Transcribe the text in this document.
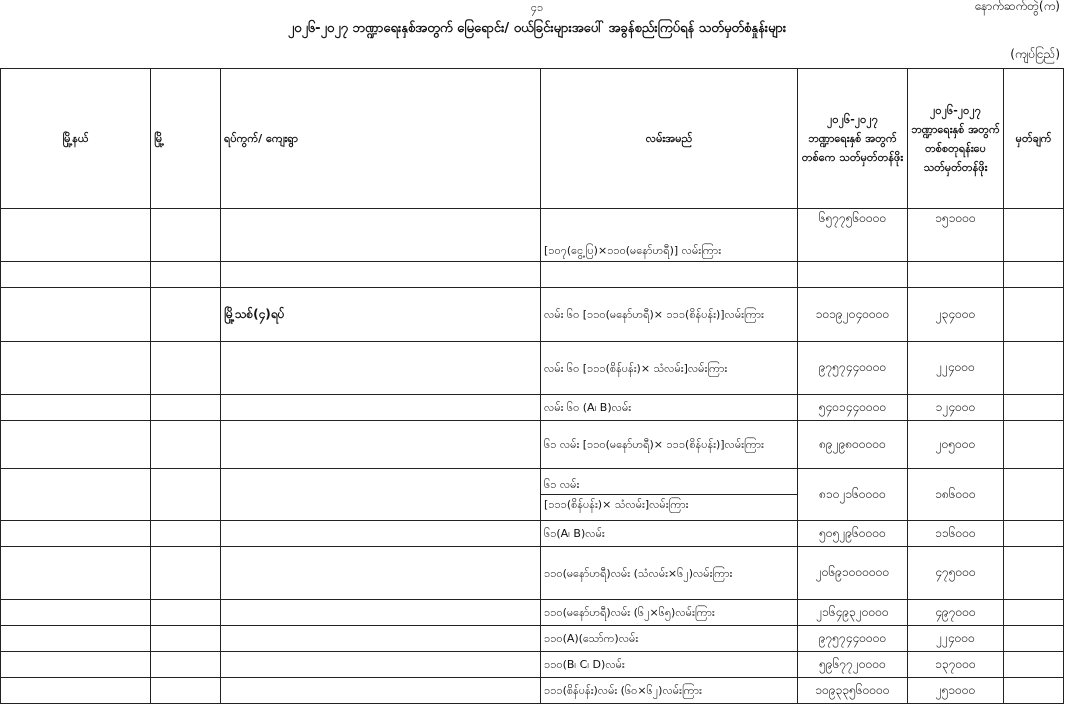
၄၁	နောက်ဆက်တွဲ(က)
၂၀၂၆-၂၀၂၇ ဘဏ္ဍာရေးနှစ်အတွက် မြေရောင်း/ ဝယ်ခြင်းများအပေါ် အခွန်စည်းကြပ်ရန် သတ်မှတ်စံနှုန်းများ
(ကျပ်ငြည်)
မြို့နယ်	မြို့	ရပ်ကွက်/ ကျေးရွာ	လမ်းအမည်	၂၀၂၆-၂၀၂၇ ဘဏ္ဍာရေးနှစ် အတွက် တစ်ကေ သတ်မှတ်တန်ဖိုး	၂၀၂၆-၂၀၂၇ ဘဏ္ဍာရေးနှစ် အတွက် တစ်စတုရန်းပေ သတ်မှတ်တန်ဖိုး	မှတ်ချက်
			[၁၀၇(ငွေ့ပြ)×၁၁၀(မနော်ဟရီ)] လမ်းကြား	၆၅၇၇၅၆၀၀၀၀	၁၅၁၀၀၀	

		မြို့သစ်(၄)ရပ်	လမ်း ၆၀ [၁၁၀(မနော်ဟရီ)× ၁၁၁(စိန်ပန်း)]လမ်းကြား	၁၀၁၉၂၀၄၀၀၀၀	၂၃၄၀၀၀	
			လမ်း ၆၀ [၁၁၁(စိန်ပန်း)× သံလမ်း]လမ်းကြား	၉၇၅၇၄၄၀၀၀၀	၂၂၄၀၀၀	
			လမ်း ၆၀ (A၊ B)လမ်း	၅၄၀၁၄၄၀၀၀၀	၁၂၄၀၀၀	
			၆၁ လမ်း [၁၁၀(မနော်ဟရီ)× ၁၁၁(စိန်ပန်း)]လမ်းကြား	၈၉၂၉၈၀၀၀၀၀	၂၀၅၀၀၀	

			၆၁ လမ်း
[၁၁၁(စိန်ပန်း)× သံလမ်း]လမ်းကြား	၈၁၀၂၁၆၀၀၀၀	၁၈၆၀၀၀	
			၆၁(A၊ B)လမ်း	၅၀၅၂၉၆၀၀၀၀	၁၁၆၀၀၀	
			၁၁၀(မနော်ဟရီ)လမ်း (သံလမ်း×၆၂)လမ်းကြား	၂၀၆၉၁၀၀၀၀၀၀	၄၇၅၀၀၀	
			၁၁၀(မနော်ဟရီ)လမ်း (၆၂×၆၅)လမ်းကြား	၂၁၆၄၉၃၂၀၀၀၀	၄၉၇၀၀၀	
			၁၁၀(A)(သော်က)လမ်း	၉၇၅၇၄၄၀၀၀၀	၂၂၄၀၀၀	
			၁၁၀(B၊ C၊ D)လမ်း	၅၉၆၇၇၂၀၀၀၀	၁၃၇၀၀၀	
			၁၁၁(စိန်ပန်း)လမ်း (၆၀×၆၂)လမ်းကြား	၁၀၉၃၃၅၆၀၀၀၀	၂၅၁၀၀၀	
